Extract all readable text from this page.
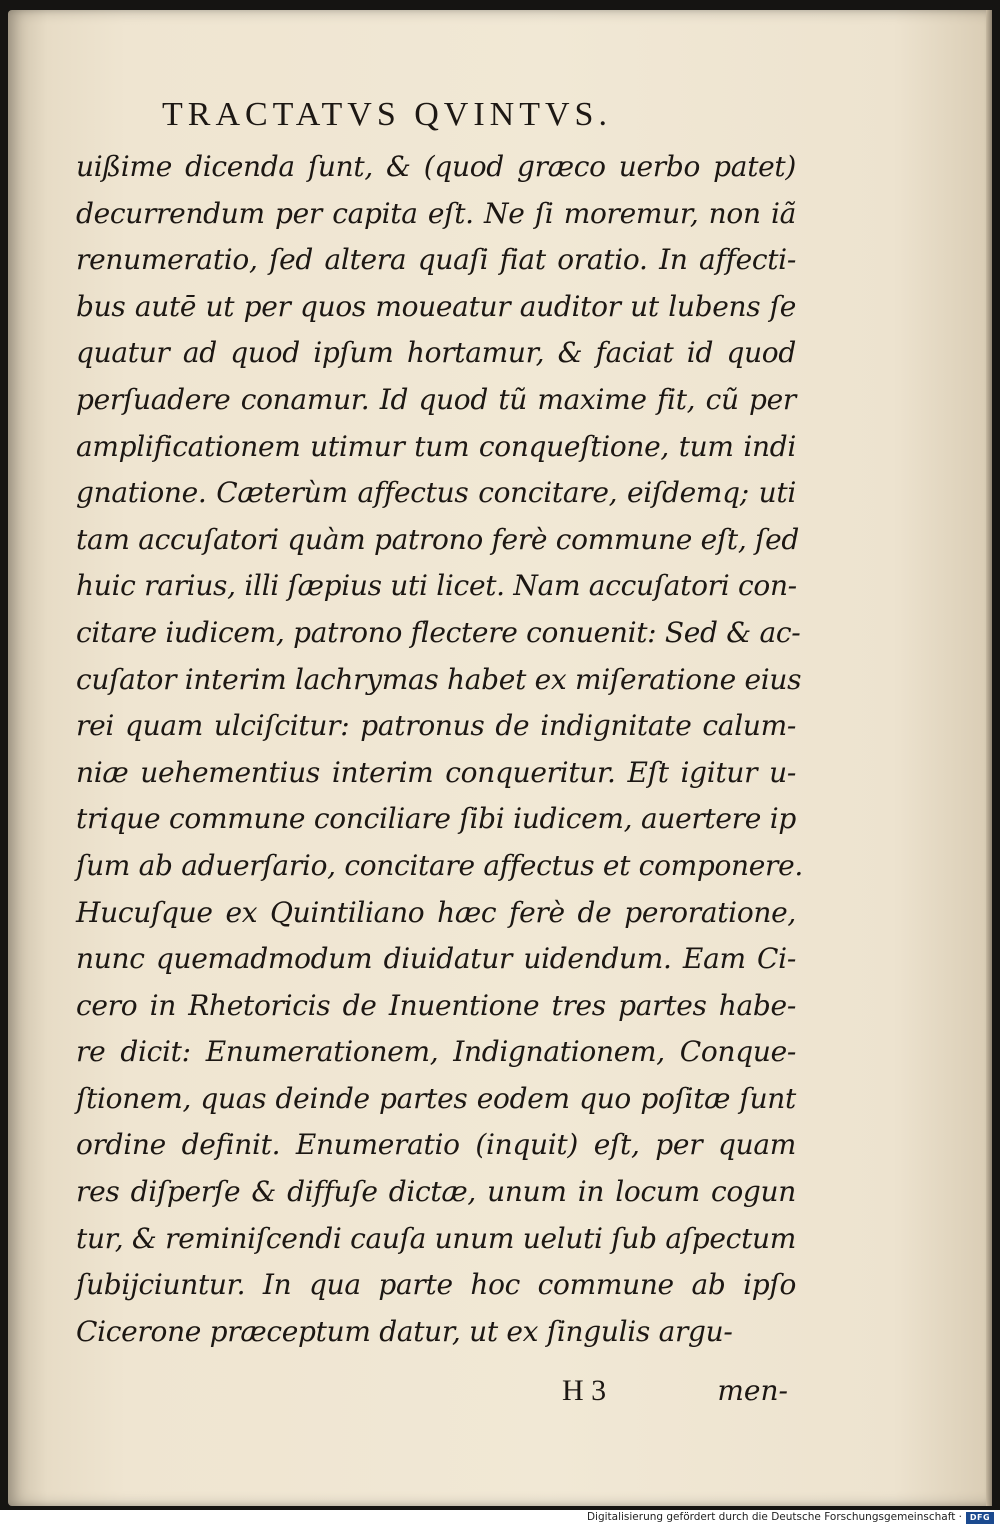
TRACTATVS QVINTVS.
uißime dicenda ſunt, & (quod græco uerbo patet)
decurrendum per capita eſt. Ne ſi moremur, non iã
renumeratio, ſed altera quaſi fiat oratio. In affecti-
bus autē ut per quos moueatur auditor ut lubens ſe
quatur ad quod ipſum hortamur, & faciat id quod
perſuadere conamur. Id quod tũ maxime fit, cũ per
amplificationem utimur tum conqueſtione, tum indi
gnatione. Cæterùm affectus concitare, eiſdemq; uti
tam accuſatori quàm patrono ferè commune eſt, ſed
huic rarius, illi ſæpius uti licet. Nam accuſatori con-
citare iudicem, patrono flectere conuenit: Sed & ac-
cuſator interim lachrymas habet ex miſeratione eius
rei quam ulciſcitur: patronus de indignitate calum-
niæ uehementius interim conqueritur. Eſt igitur u-
trique commune conciliare ſibi iudicem, auertere ip
ſum ab aduerſario, concitare affectus et componere.
Hucuſque ex Quintiliano hæc ferè de peroratione,
nunc quemadmodum diuidatur uidendum. Eam Ci-
cero in Rhetoricis de Inuentione tres partes habe-
re dicit: Enumerationem, Indignationem, Conque-
ſtionem, quas deinde partes eodem quo poſitæ ſunt
ordine definit. Enumeratio (inquit) eſt, per quam
res diſperſe & diffuſe dictæ, unum in locum cogun
tur, & reminiſcendi cauſa unum ueluti ſub aſpectum
ſubijciuntur. In qua parte hoc commune ab ipſo
Cicerone præceptum datur, ut ex ſingulis argu-
H 3	men-
Digitalisierung gefördert durch die Deutsche Forschungsgemeinschaft · DFG
